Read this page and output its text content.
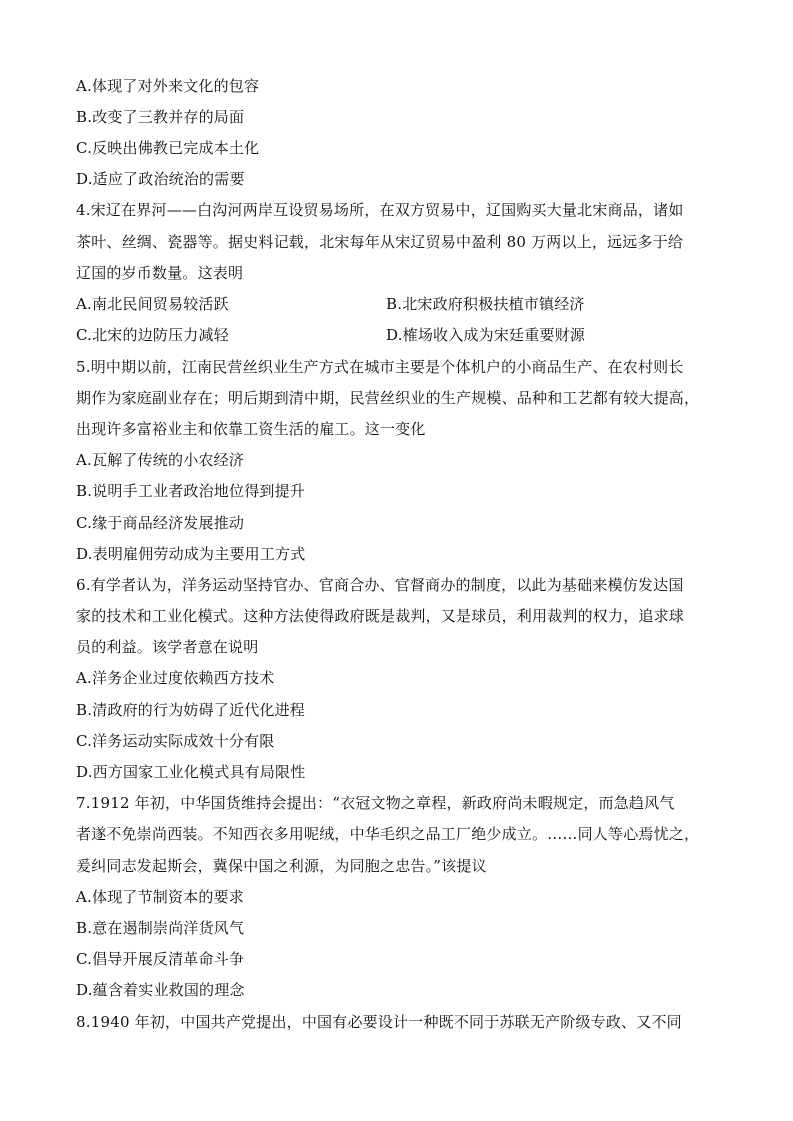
A.体现了对外来文化的包容
B.改变了三教并存的局面
C.反映出佛教已完成本土化
D.适应了政治统治的需要
4.宋辽在界河——白沟河两岸互设贸易场所，在双方贸易中，辽国购买大量北宋商品，诸如
茶叶、丝绸、瓷器等。据史料记载，北宋每年从宋辽贸易中盈利 80 万两以上，远远多于给
辽国的岁币数量。这表明
A.南北民间贸易较活跃	B.北宋政府积极扶植市镇经济
C.北宋的边防压力减轻	D.榷场收入成为宋廷重要财源
5.明中期以前，江南民营丝织业生产方式在城市主要是个体机户的小商品生产、在农村则长
期作为家庭副业存在；明后期到清中期，民营丝织业的生产规模、品种和工艺都有较大提高，
出现许多富裕业主和依靠工资生活的雇工。这一变化
A.瓦解了传统的小农经济
B.说明手工业者政治地位得到提升
C.缘于商品经济发展推动
D.表明雇佣劳动成为主要用工方式
6.有学者认为，洋务运动坚持官办、官商合办、官督商办的制度，以此为基础来模仿发达国
家的技术和工业化模式。这种方法使得政府既是裁判，又是球员，利用裁判的权力，追求球
员的利益。该学者意在说明
A.洋务企业过度依赖西方技术
B.清政府的行为妨碍了近代化进程
C.洋务运动实际成效十分有限
D.西方国家工业化模式具有局限性
7.1912 年初，中华国货维持会提出：“衣冠文物之章程，新政府尚未暇规定，而急趋风气
者遂不免崇尚西装。不知西衣多用呢绒，中华毛织之品工厂绝少成立。……同人等心焉忧之，
爰纠同志发起斯会，冀保中国之利源，为同胞之忠告。”该提议
A.体现了节制资本的要求
B.意在遏制崇尚洋货风气
C.倡导开展反清革命斗争
D.蕴含着实业救国的理念
8.1940 年初，中国共产党提出，中国有必要设计一种既不同于苏联无产阶级专政、又不同
